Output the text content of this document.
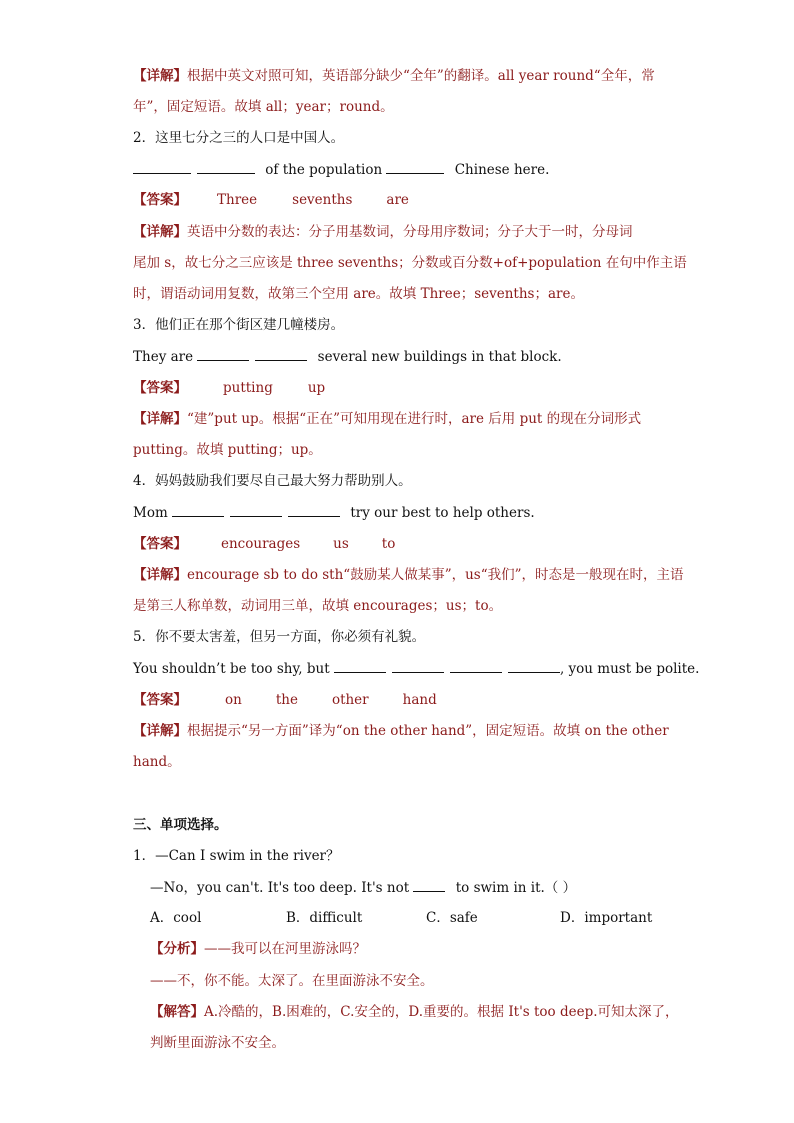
【详解】根据中英文对照可知，英语部分缺少“全年”的翻译。all year round“全年，常
年”，固定短语。故填 all；year；round。
2．这里七分之三的人口是中国人。
of the population	Chinese here.
【答案】 Three	sevenths	are
【详解】英语中分数的表达：分子用基数词，分母用序数词；分子大于一时，分母词
尾加 s，故七分之三应该是 three sevenths；分数或百分数+of+population 在句中作主语
时，谓语动词用复数，故第三个空用 are。故填 Three；sevenths；are。
3．他们正在那个街区建几幢楼房。
They are	several new buildings in that block.
【答案】	putting	up
【详解】“建”put up。根据“正在”可知用现在进行时，are 后用 put 的现在分词形式
putting。故填 putting；up。
4．妈妈鼓励我们要尽自己最大努力帮助别人。
Mom	try our best to help others.
【答案】	encourages us to
【详解】encourage sb to do sth“鼓励某人做某事”，us“我们”，时态是一般现在时，主语
是第三人称单数，动词用三单，故填 encourages；us；to。
5．你不要太害羞，但另一方面，你必须有礼貌。
You shouldn’t be too shy, but	, you must be polite.
【答案】	on	the	other	hand
【详解】根据提示“另一方面”译为“on the other hand”，固定短语。故填 on the other
hand。
三、单项选择。
1．—Can I swim in the river？
—No，you can't. It's too deep. It's not	to swim in it.（ ）
A．cool	B．difficult	C．safe	D．important
【分析】——我可以在河里游泳吗？
——不，你不能。太深了。在里面游泳不安全。
【解答】A.冷酷的，B.困难的，C.安全的，D.重要的。根据 It's too deep.可知太深了，
判断里面游泳不安全。
